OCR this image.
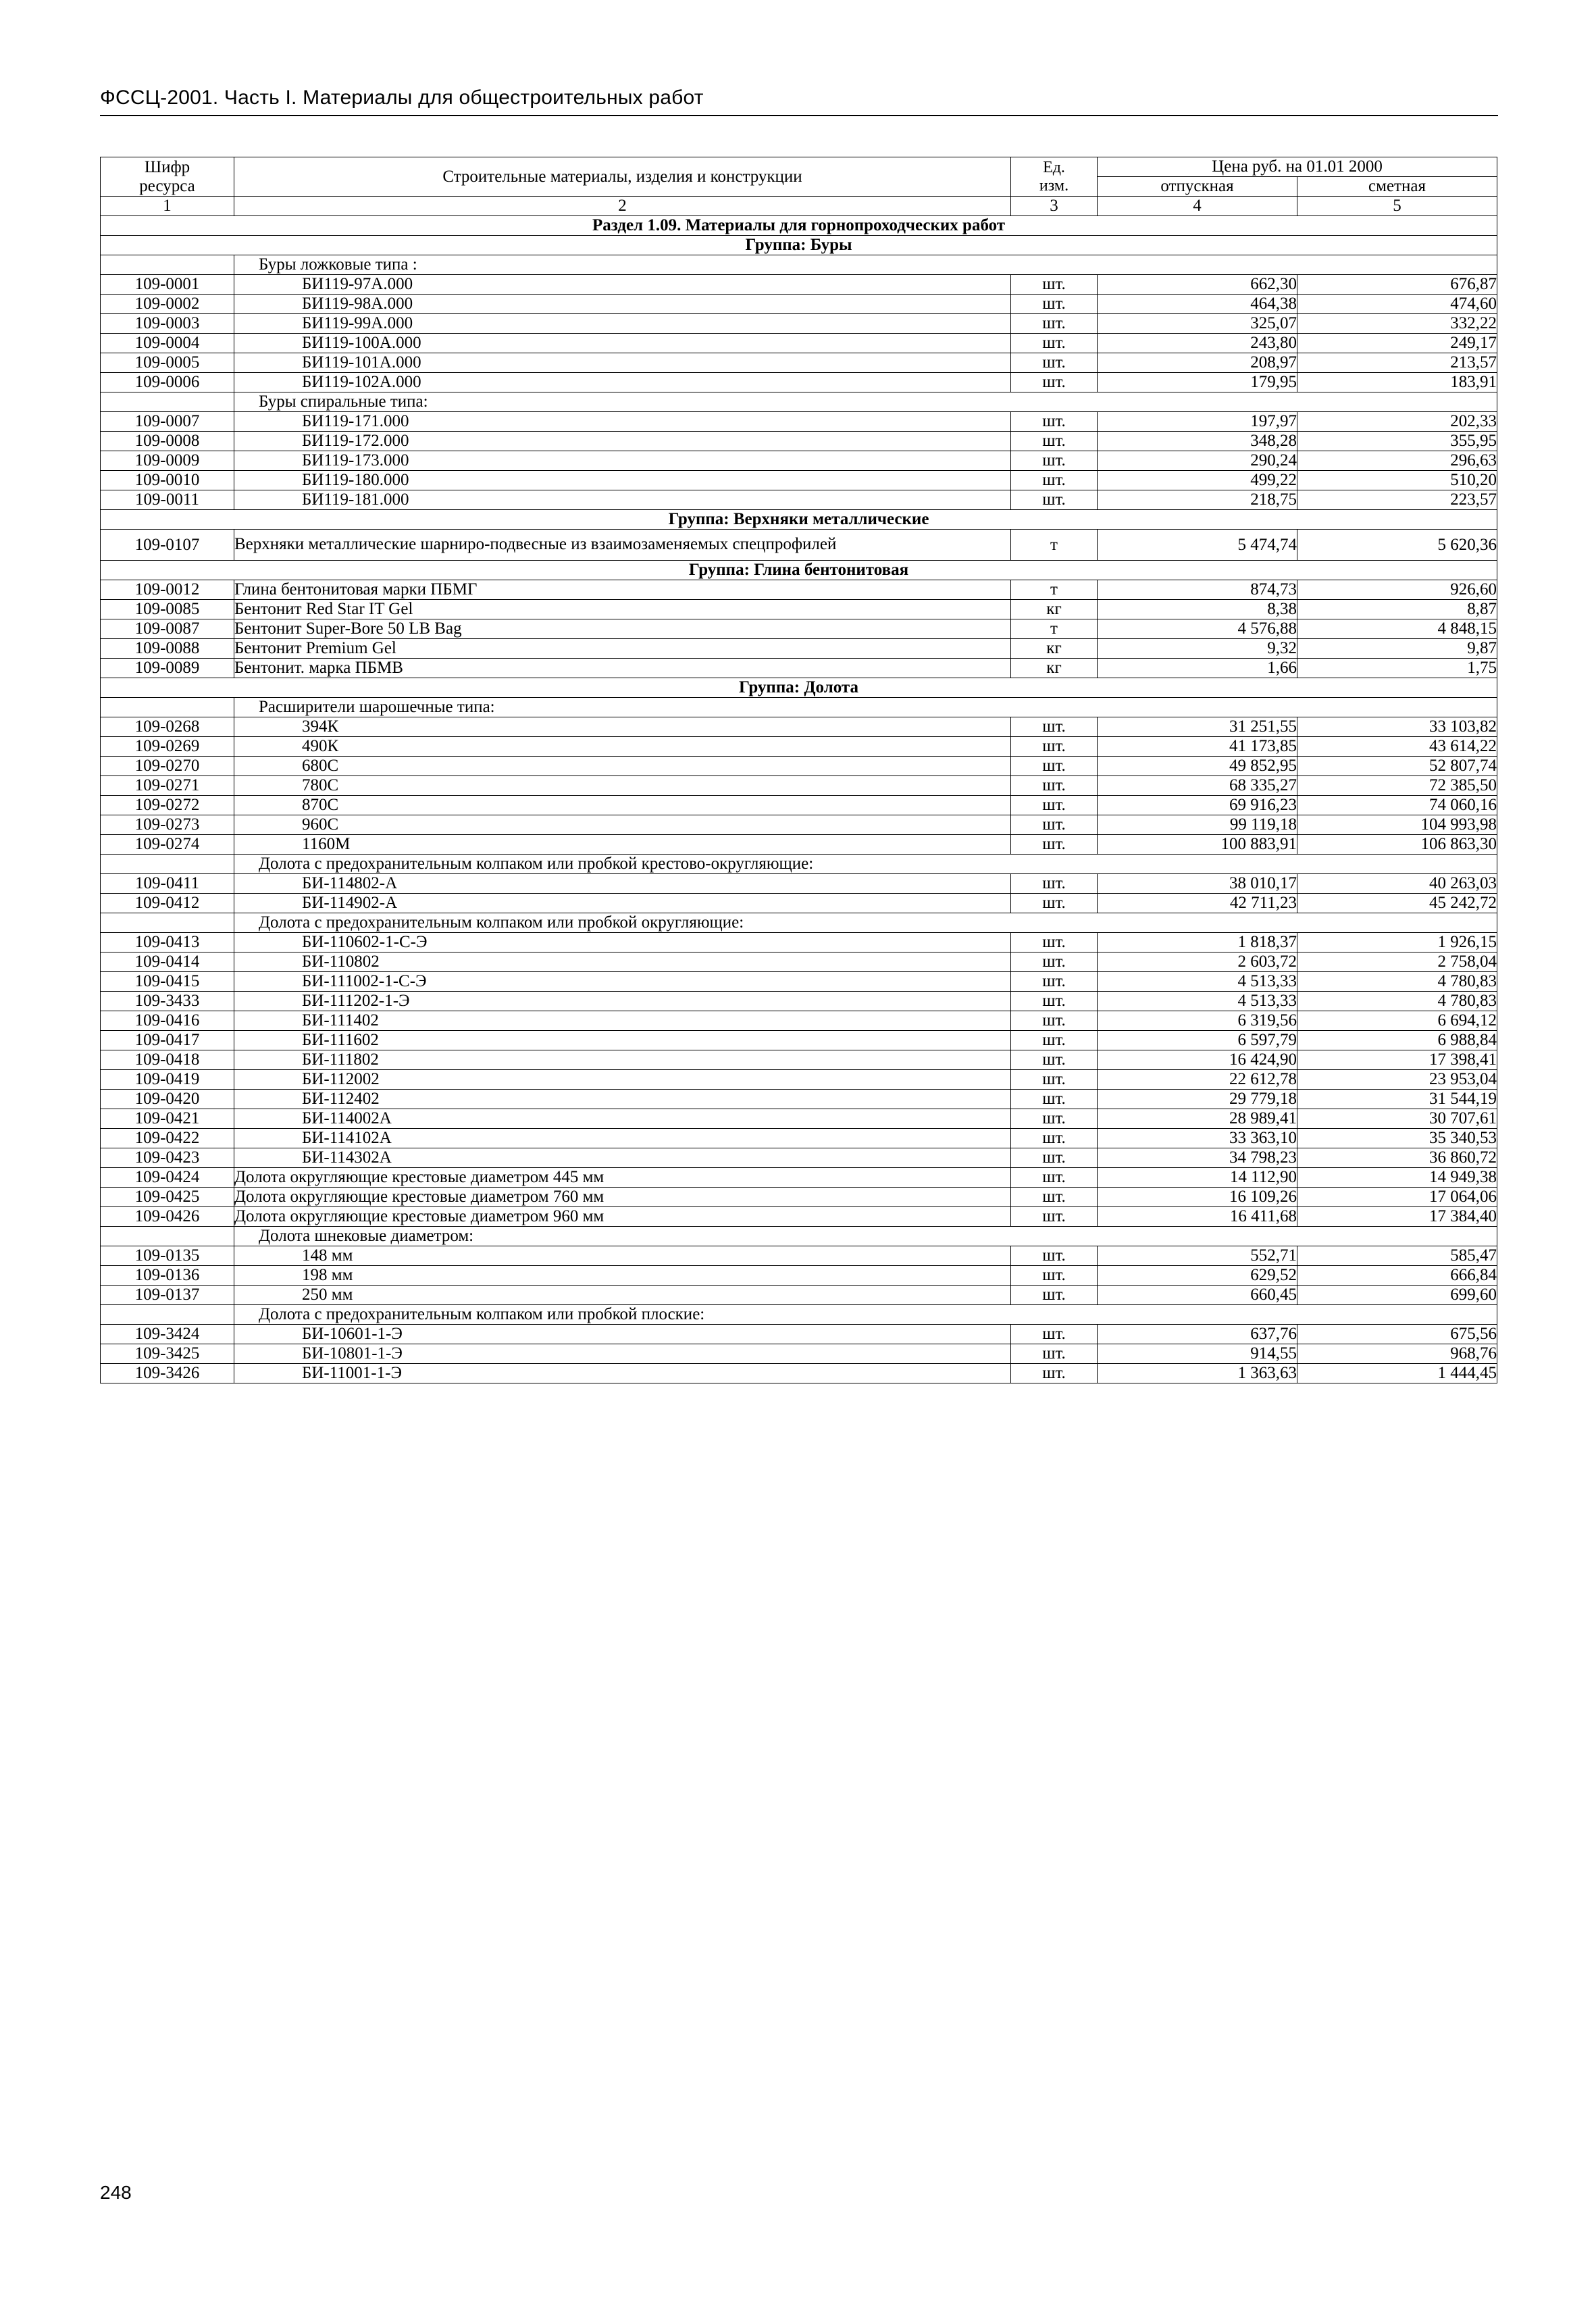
ФССЦ-2001. Часть I. Материалы для общестроительных работ
Шифр
ресурса
	Строительные материалы, изделия и конструкции	Ед.
изм.
	Цена руб. на 01.01 2000
			отпускная	сметная
1	2	3	4	5
Раздел 1.09. Материалы для горнопроходческих работ				
Группа: Буры				
	Буры ложковые типа :			
109-0001	БИ119-97А.000	шт.	662,30	676,87
109-0002	БИ119-98А.000	шт.	464,38	474,60
109-0003	БИ119-99А.000	шт.	325,07	332,22
109-0004	БИ119-100А.000	шт.	243,80	249,17
109-0005	БИ119-101А.000	шт.	208,97	213,57
109-0006	БИ119-102А.000	шт.	179,95	183,91
	Буры спиральные типа:			
109-0007	БИ119-171.000	шт.	197,97	202,33
109-0008	БИ119-172.000	шт.	348,28	355,95
109-0009	БИ119-173.000	шт.	290,24	296,63
109-0010	БИ119-180.000	шт.	499,22	510,20
109-0011	БИ119-181.000	шт.	218,75	223,57
Группа: Верхняки металлические				
109-0107	Верхняки металлические шарниро-подвесные из взаимозаменяемых спецпрофилей	т	5 474,74	5 620,36
Группа: Глина бентонитовая				
109-0012	Глина бентонитовая марки ПБМГ	т	874,73	926,60
109-0085	Бентонит Red Star IT Gel	кг	8,38	8,87
109-0087	Бентонит Super-Bore 50 LB Bag	т	4 576,88	4 848,15
109-0088	Бентонит Premium Gel	кг	9,32	9,87
109-0089	Бентонит. марка ПБМВ	кг	1,66	1,75
Группа: Долота				
	Расширители шарошечные типа:			
109-0268	394К	шт.	31 251,55	33 103,82
109-0269	490К	шт.	41 173,85	43 614,22
109-0270	680С	шт.	49 852,95	52 807,74
109-0271	780С	шт.	68 335,27	72 385,50
109-0272	870С	шт.	69 916,23	74 060,16
109-0273	960С	шт.	99 119,18	104 993,98
109-0274	1160М	шт.	100 883,91	106 863,30
	Долота с предохранительным колпаком или пробкой крестово-округляющие:			
109-0411	БИ-114802-А	шт.	38 010,17	40 263,03
109-0412	БИ-114902-А	шт.	42 711,23	45 242,72
	Долота с предохранительным колпаком или пробкой округляющие:			
109-0413	БИ-110602-1-С-Э	шт.	1 818,37	1 926,15
109-0414	БИ-110802	шт.	2 603,72	2 758,04
109-0415	БИ-111002-1-С-Э	шт.	4 513,33	4 780,83
109-3433	БИ-111202-1-Э	шт.	4 513,33	4 780,83
109-0416	БИ-111402	шт.	6 319,56	6 694,12
109-0417	БИ-111602	шт.	6 597,79	6 988,84
109-0418	БИ-111802	шт.	16 424,90	17 398,41
109-0419	БИ-112002	шт.	22 612,78	23 953,04
109-0420	БИ-112402	шт.	29 779,18	31 544,19
109-0421	БИ-114002А	шт.	28 989,41	30 707,61
109-0422	БИ-114102А	шт.	33 363,10	35 340,53
109-0423	БИ-114302А	шт.	34 798,23	36 860,72
109-0424	Долота округляющие крестовые диаметром 445 мм	шт.	14 112,90	14 949,38
109-0425	Долота округляющие крестовые диаметром 760 мм	шт.	16 109,26	17 064,06
109-0426	Долота округляющие крестовые диаметром 960 мм	шт.	16 411,68	17 384,40
	Долота шнековые диаметром:			
109-0135	148 мм	шт.	552,71	585,47
109-0136	198 мм	шт.	629,52	666,84
109-0137	250 мм	шт.	660,45	699,60
	Долота с предохранительным колпаком или пробкой плоские:			
109-3424	БИ-10601-1-Э	шт.	637,76	675,56
109-3425	БИ-10801-1-Э	шт.	914,55	968,76
109-3426	БИ-11001-1-Э	шт.	1 363,63	1 444,45
248
